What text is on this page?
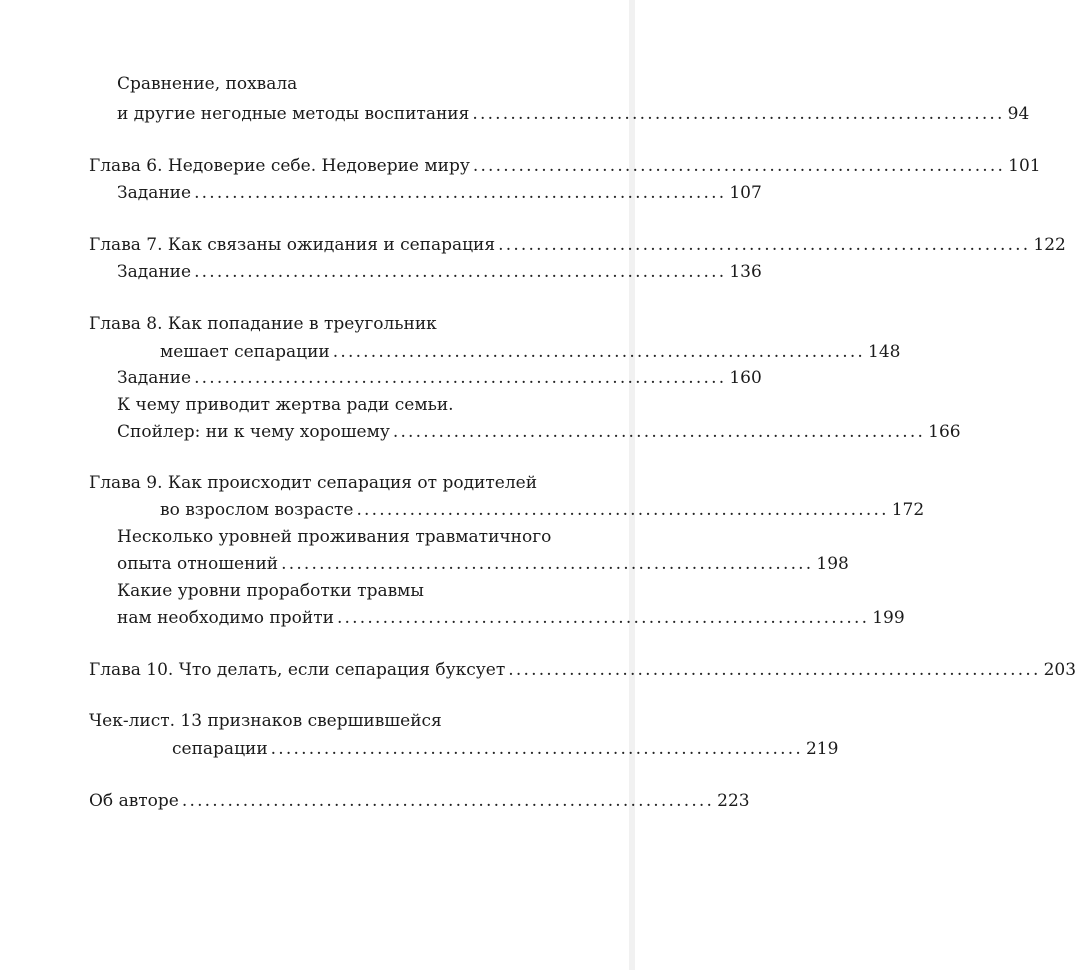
Сравнение, похвала
и другие негодные методы воспитания ...................................................................... 94
Глава 6. Недоверие себе. Недоверие миру ...................................................................... 101
Задание ...................................................................... 107
Глава 7. Как связаны ожидания и сепарация ...................................................................... 122
Задание ...................................................................... 136
Глава 8. Как попадание в треугольник
мешает сепарации ...................................................................... 148
Задание ...................................................................... 160
К чему приводит жертва ради семьи.
Спойлер: ни к чему хорошему ...................................................................... 166
Глава 9. Как происходит сепарация от родителей
во взрослом возрасте ...................................................................... 172
Несколько уровней проживания травматичного
опыта отношений ...................................................................... 198
Какие уровни проработки травмы
нам необходимо пройти ...................................................................... 199
Глава 10. Что делать, если сепарация буксует ...................................................................... 203
Чек-лист. 13 признаков свершившейся
сепарации ...................................................................... 219
Об авторе ...................................................................... 223
